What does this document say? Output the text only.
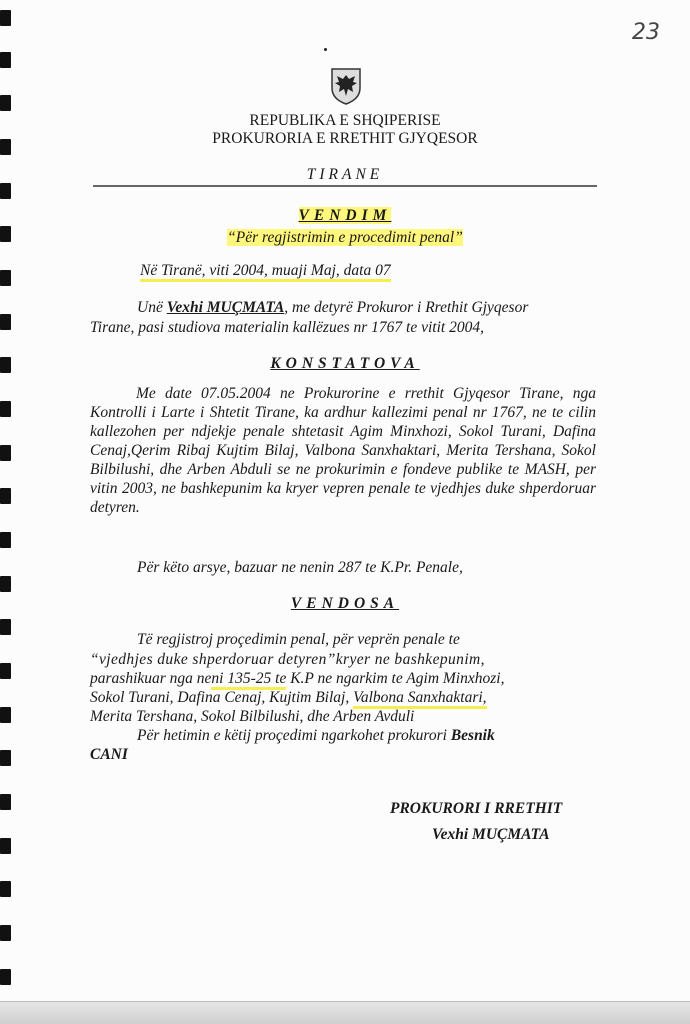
23
REPUBLIKA E SHQIPERISE
PROKURORIA E RRETHIT GJYQESOR
TIRANE
VENDIM
“Për regjistrimin e procedimit penal”
Në Tiranë, viti 2004, muaji Maj, data 07
Unë Vexhi MUÇMATA, me detyrë Prokuror i Rrethit Gjyqesor
Tirane, pasi studiova materialin kallëzues nr 1767 te vitit 2004,
KONSTATOVA
Me date 07.05.2004 ne Prokurorine e rrethit Gjyqesor Tirane, nga Kontrolli i Larte i Shtetit Tirane, ka ardhur kallezimi penal nr 1767, ne te cilin kallezohen per ndjekje penale shtetasit Agim Minxhozi, Sokol Turani, Dafina Cenaj,Qerim Ribaj Kujtim Bilaj, Valbona Sanxhaktari, Merita Tershana, Sokol Bilbilushi, dhe Arben Abduli se ne prokurimin e fondeve publike te MASH, per vitin 2003, ne bashkepunim ka kryer vepren penale te vjedhjes duke shperdoruar detyren.
Për këto arsye, bazuar ne nenin 287 te K.Pr. Penale,
VENDOSA
Të regjistroj proçedimin penal, për veprën penale te
“vjedhjes duke shperdoruar detyren”kryer ne bashkepunim,
parashikuar nga neni 135-25 te K.P ne ngarkim te Agim Minxhozi,
Sokol Turani, Dafina Cenaj, Kujtim Bilaj, Valbona Sanxhaktari,
Merita Tershana, Sokol Bilbilushi, dhe Arben Avduli
Për hetimin e këtij proçedimi ngarkohet prokurori Besnik
CANI
PROKURORI I RRETHIT
Vexhi MUÇMATA
